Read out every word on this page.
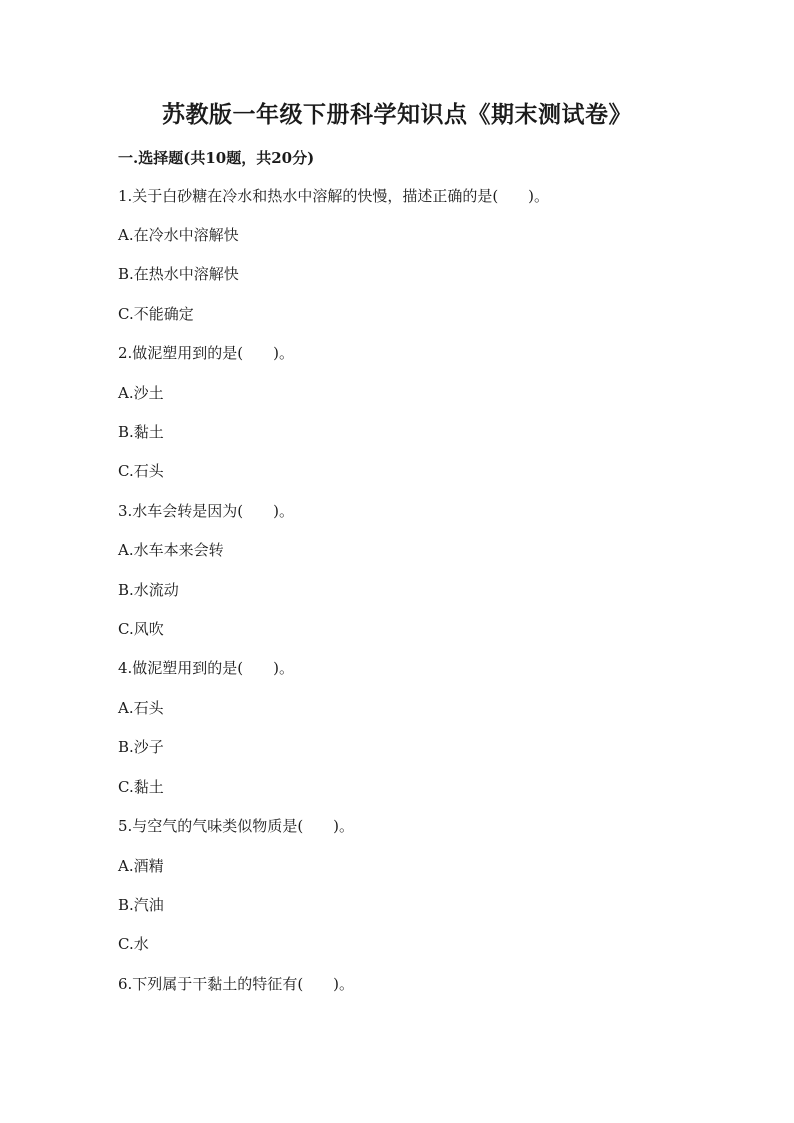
苏教版一年级下册科学知识点《期末测试卷》
一.选择题(共10题，共20分)
1.关于白砂糖在冷水和热水中溶解的快慢，描述正确的是(　　)。
A.在冷水中溶解快
B.在热水中溶解快
C.不能确定
2.做泥塑用到的是(　　)。
A.沙土
B.黏土
C.石头
3.水车会转是因为(　　)。
A.水车本来会转
B.水流动
C.风吹
4.做泥塑用到的是(　　)。
A.石头
B.沙子
C.黏土
5.与空气的气味类似物质是(　　)。
A.酒精
B.汽油
C.水
6.下列属于干黏土的特征有(　　)。
